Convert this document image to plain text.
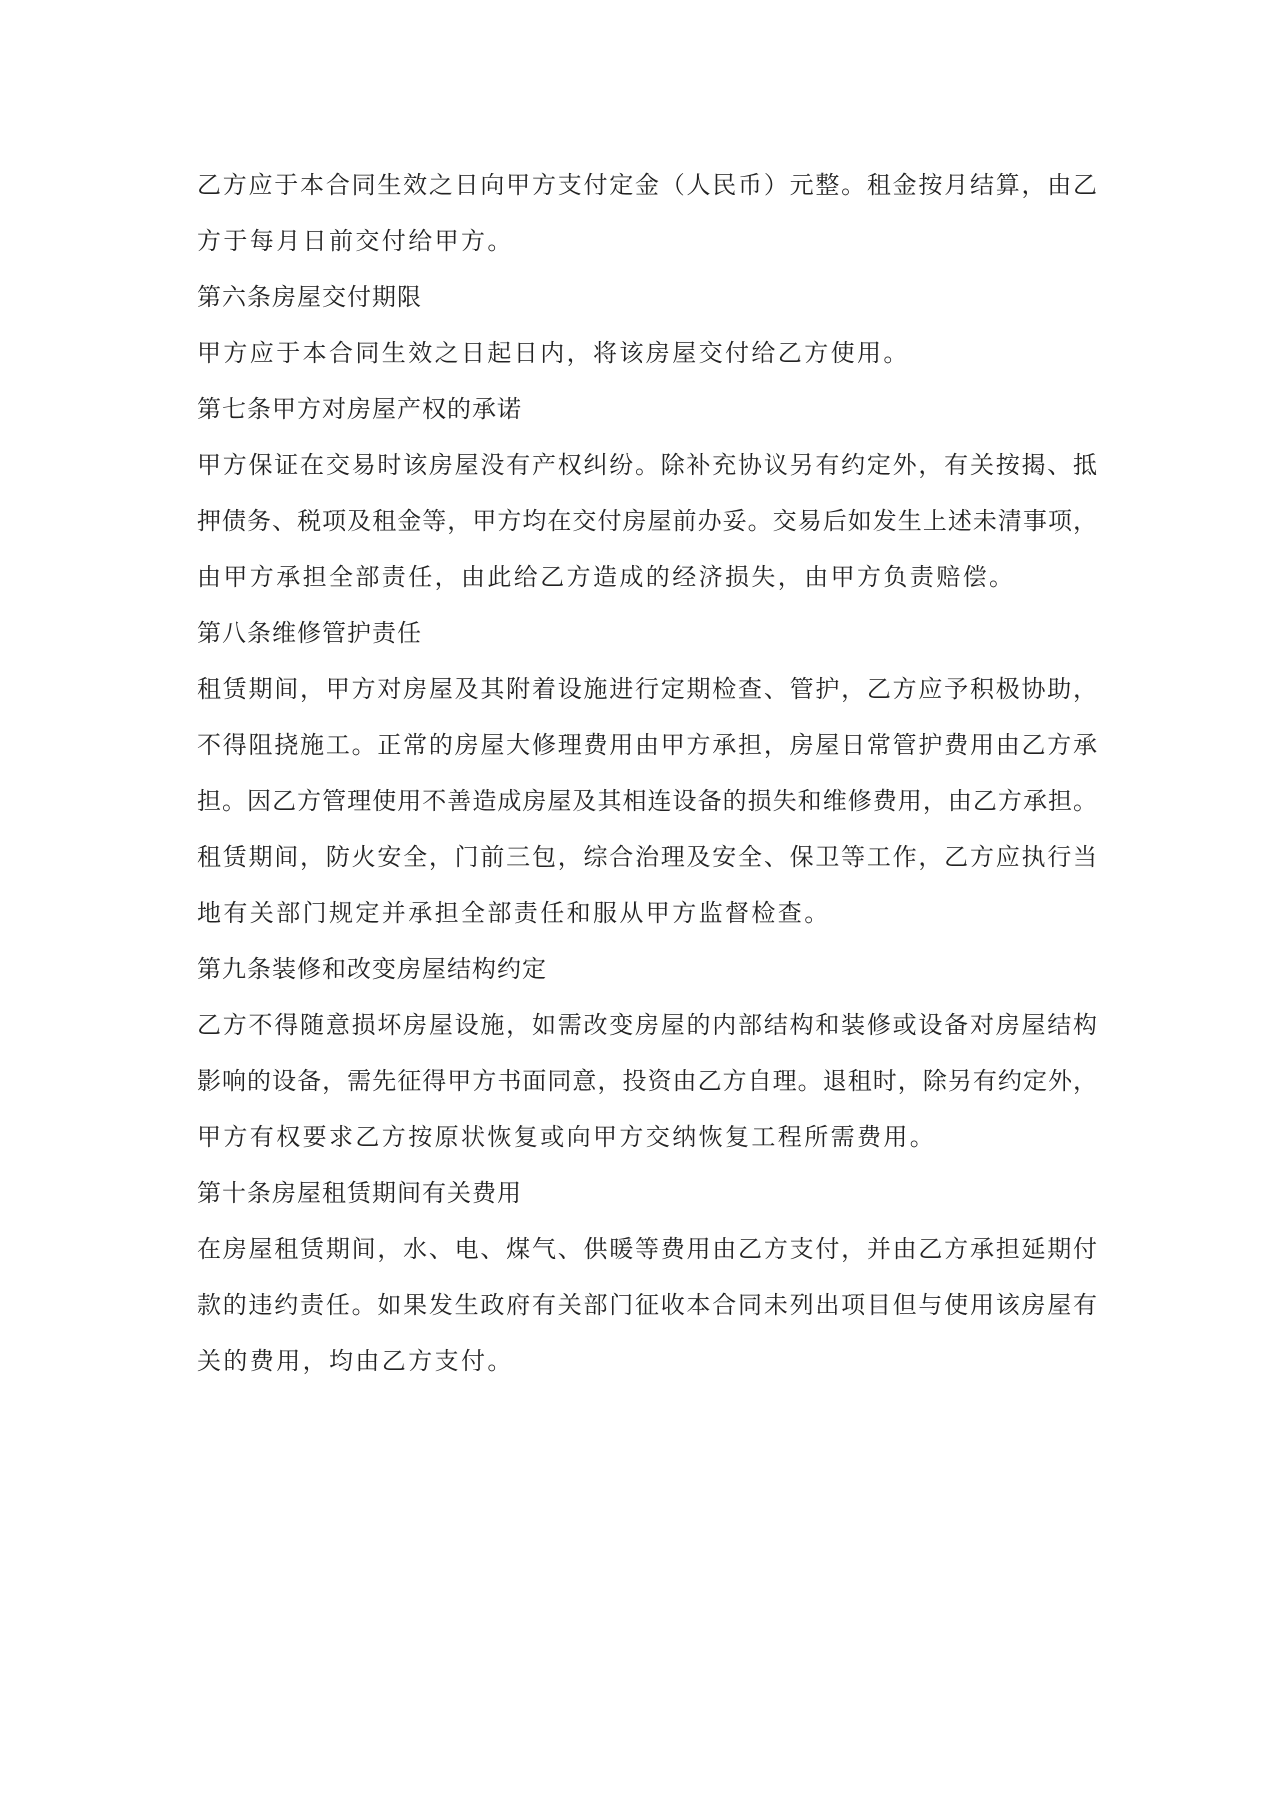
乙方应于本合同生效之日向甲方支付定金（人民币）元整。租金按月结算，由乙
方于每月日前交付给甲方。
第六条房屋交付期限
甲方应于本合同生效之日起日内，将该房屋交付给乙方使用。
第七条甲方对房屋产权的承诺
甲方保证在交易时该房屋没有产权纠纷。除补充协议另有约定外，有关按揭、抵
押债务、税项及租金等，甲方均在交付房屋前办妥。交易后如发生上述未清事项，
由甲方承担全部责任，由此给乙方造成的经济损失，由甲方负责赔偿。
第八条维修管护责任
租赁期间，甲方对房屋及其附着设施进行定期检查、管护，乙方应予积极协助，
不得阻挠施工。正常的房屋大修理费用由甲方承担，房屋日常管护费用由乙方承
担。因乙方管理使用不善造成房屋及其相连设备的损失和维修费用，由乙方承担。
租赁期间，防火安全，门前三包，综合治理及安全、保卫等工作，乙方应执行当
地有关部门规定并承担全部责任和服从甲方监督检查。
第九条装修和改变房屋结构约定
乙方不得随意损坏房屋设施，如需改变房屋的内部结构和装修或设备对房屋结构
影响的设备，需先征得甲方书面同意，投资由乙方自理。退租时，除另有约定外，
甲方有权要求乙方按原状恢复或向甲方交纳恢复工程所需费用。
第十条房屋租赁期间有关费用
在房屋租赁期间，水、电、煤气、供暖等费用由乙方支付，并由乙方承担延期付
款的违约责任。如果发生政府有关部门征收本合同未列出项目但与使用该房屋有
关的费用，均由乙方支付。
